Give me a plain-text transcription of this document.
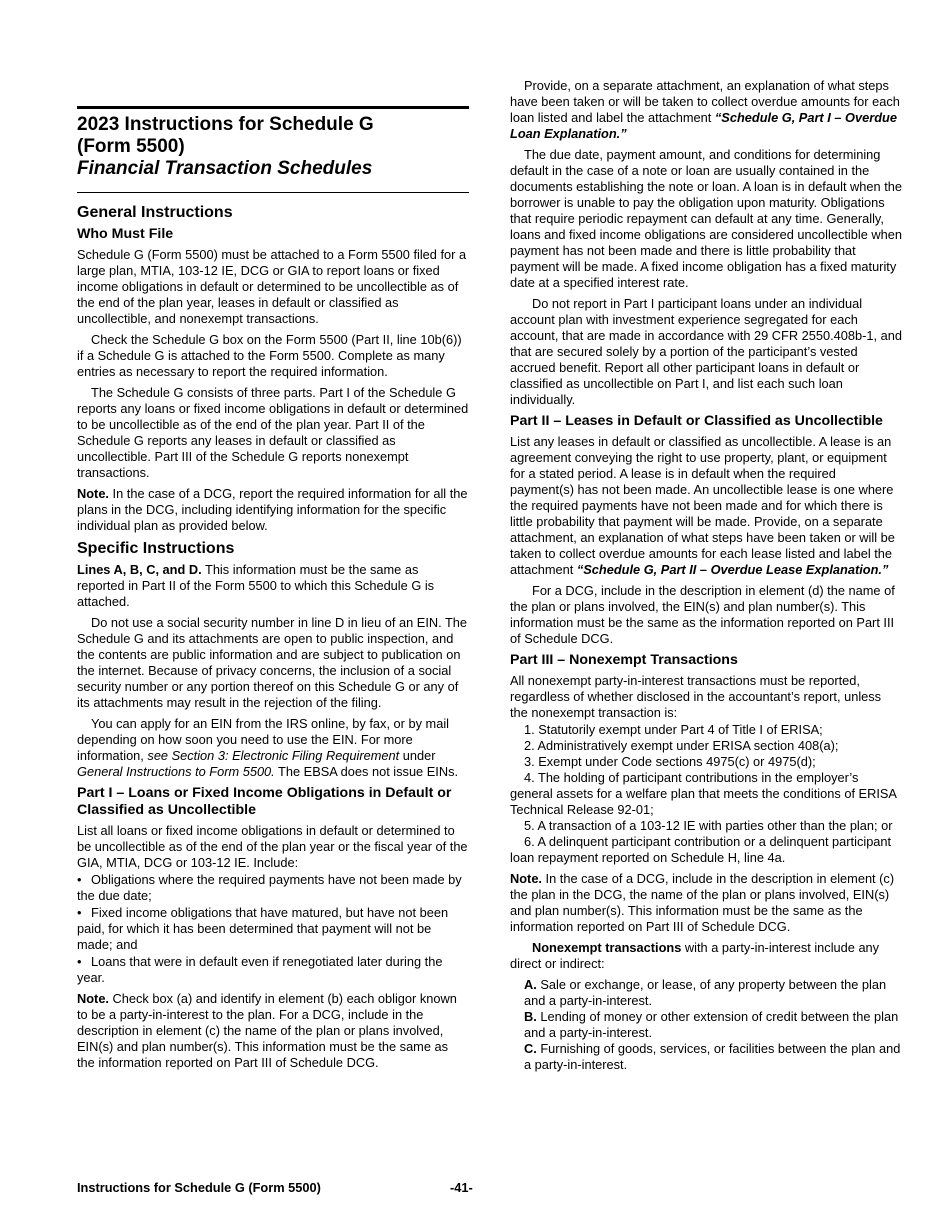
2023 Instructions for Schedule G
(Form 5500)
Financial Transaction Schedules
General Instructions
Who Must File

Schedule G (Form 5500) must be attached to a Form 5500 filed for a large plan, MTIA, 103-12 IE, DCG or GIA to report loans or fixed income obligations in default or determined to be uncollectible as of the end of the plan year, leases in default or classified as uncollectible, and nonexempt transactions.

Check the Schedule G box on the Form 5500 (Part II, line 10b(6)) if a Schedule G is attached to the Form 5500. Complete as many entries as necessary to report the required information.

The Schedule G consists of three parts. Part I of the Schedule G reports any loans or fixed income obligations in default or determined to be uncollectible as of the end of the plan year. Part II of the Schedule G reports any leases in default or classified as uncollectible. Part III of the Schedule G reports nonexempt transactions.

Note. In the case of a DCG, report the required information for all the plans in the DCG, including identifying information for the specific individual plan as provided below.

Specific Instructions

Lines A, B, C, and D. This information must be the same as reported in Part II of the Form 5500 to which this Schedule G is attached.

Do not use a social security number in line D in lieu of an EIN. The Schedule G and its attachments are open to public inspection, and the contents are public information and are subject to publication on the internet. Because of privacy concerns, the inclusion of a social security number or any portion thereof on this Schedule G or any of its attachments may result in the rejection of the filing.

You can apply for an EIN from the IRS online, by fax, or by mail depending on how soon you need to use the EIN. For more information, see Section 3: Electronic Filing Requirement under General Instructions to Form 5500. The EBSA does not issue EINs.

Part I – Loans or Fixed Income Obligations in Default or Classified as Uncollectible

List all loans or fixed income obligations in default or determined to be uncollectible as of the end of the plan year or the fiscal year of the GIA, MTIA, DCG or 103-12 IE. Include:

• Obligations where the required payments have not been made by the due date;
• Fixed income obligations that have matured, but have not been paid, for which it has been determined that payment will not be made; and
• Loans that were in default even if renegotiated later during the year.

Note. Check box (a) and identify in element (b) each obligor known to be a party-in-interest to the plan. For a DCG, include in the description in element (c) the name of the plan or plans involved, EIN(s) and plan number(s). This information must be the same as the information reported on Part III of Schedule DCG.

Provide, on a separate attachment, an explanation of what steps have been taken or will be taken to collect overdue amounts for each loan listed and label the attachment “Schedule G, Part I – Overdue Loan Explanation.”

The due date, payment amount, and conditions for determining default in the case of a note or loan are usually contained in the documents establishing the note or loan. A loan is in default when the borrower is unable to pay the obligation upon maturity. Obligations that require periodic repayment can default at any time. Generally, loans and fixed income obligations are considered uncollectible when payment has not been made and there is little probability that payment will be made. A fixed income obligation has a fixed maturity date at a specified interest rate.

Do not report in Part I participant loans under an individual account plan with investment experience segregated for each account, that are made in accordance with 29 CFR 2550.408b-1, and that are secured solely by a portion of the participant’s vested accrued benefit. Report all other participant loans in default or classified as uncollectible on Part I, and list each such loan individually.

Part II – Leases in Default or Classified as Uncollectible

List any leases in default or classified as uncollectible. A lease is an agreement conveying the right to use property, plant, or equipment for a stated period. A lease is in default when the required payment(s) has not been made. An uncollectible lease is one where the required payments have not been made and for which there is little probability that payment will be made. Provide, on a separate attachment, an explanation of what steps have been taken or will be taken to collect overdue amounts for each lease listed and label the attachment “Schedule G, Part II – Overdue Lease Explanation.”

For a DCG, include in the description in element (d) the name of the plan or plans involved, the EIN(s) and plan number(s). This information must be the same as the information reported on Part III of Schedule DCG.

Part III – Nonexempt Transactions

All nonexempt party-in-interest transactions must be reported, regardless of whether disclosed in the accountant’s report, unless the nonexempt transaction is:

1. Statutorily exempt under Part 4 of Title I of ERISA;
2. Administratively exempt under ERISA section 408(a);
3. Exempt under Code sections 4975(c) or 4975(d);
4. The holding of participant contributions in the employer’s general assets for a welfare plan that meets the conditions of ERISA Technical Release 92-01;
5. A transaction of a 103-12 IE with parties other than the plan; or
6. A delinquent participant contribution or a delinquent participant loan repayment reported on Schedule H, line 4a.

Note. In the case of a DCG, include in the description in element (c) the plan in the DCG, the name of the plan or plans involved, EIN(s) and plan number(s). This information must be the same as the information reported on Part III of Schedule DCG.

Nonexempt transactions with a party-in-interest include any direct or indirect:

A. Sale or exchange, or lease, of any property between the plan and a party-in-interest.

B. Lending of money or other extension of credit between the plan and a party-in-interest.

C. Furnishing of goods, services, or facilities between the plan and a party-in-interest.

Instructions for Schedule G (Form 5500)	-41-
